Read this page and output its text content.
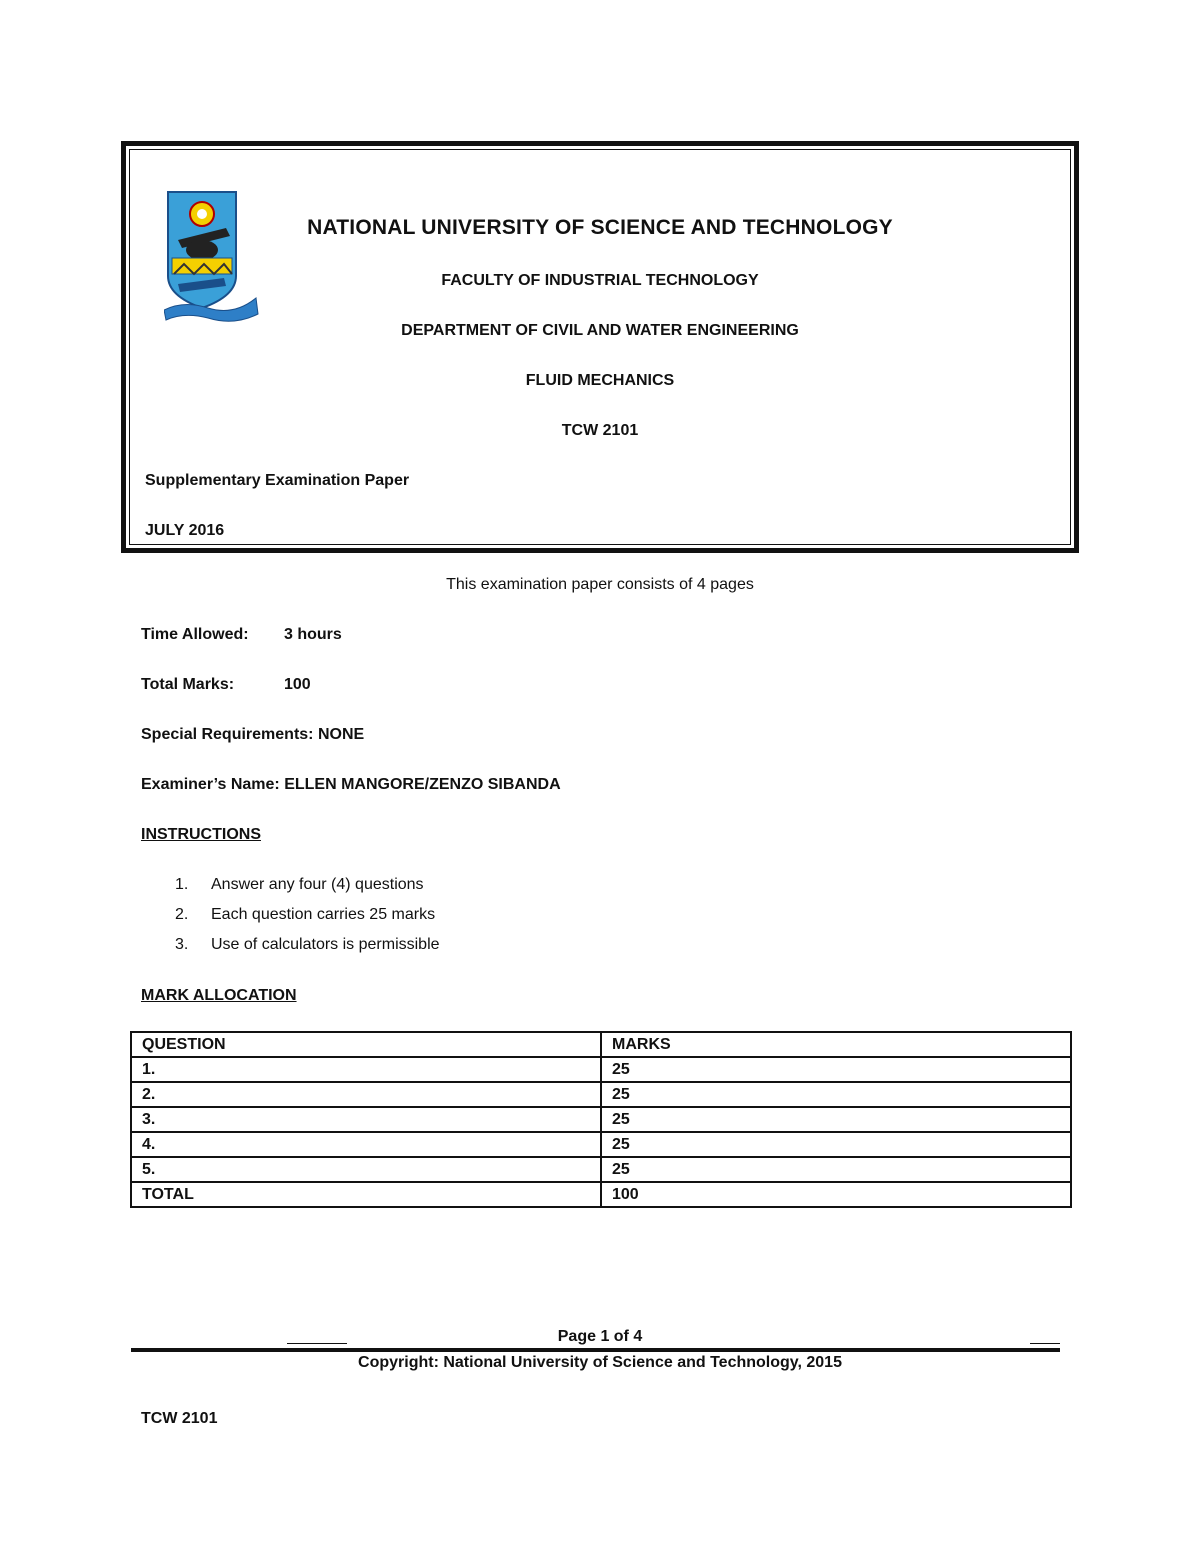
NATIONAL UNIVERSITY OF SCIENCE AND TECHNOLOGY
FACULTY OF INDUSTRIAL TECHNOLOGY
DEPARTMENT OF CIVIL AND WATER ENGINEERING
FLUID MECHANICS
TCW 2101
Supplementary Examination Paper
JULY 2016
This examination paper consists of 4 pages
Time Allowed: 3 hours
Total Marks:	100
Special Requirements: NONE
Examiner’s Name: ELLEN MANGORE/ZENZO SIBANDA
INSTRUCTIONS
1. Answer any four (4) questions
2. Each question carries 25 marks
3. Use of calculators is permissible
MARK ALLOCATION
QUESTION	MARKS
1.	25
2.	25
3.	25
4.	25
5.	25
TOTAL	100
Page 1 of 4
Copyright: National University of Science and Technology, 2015
TCW 2101
